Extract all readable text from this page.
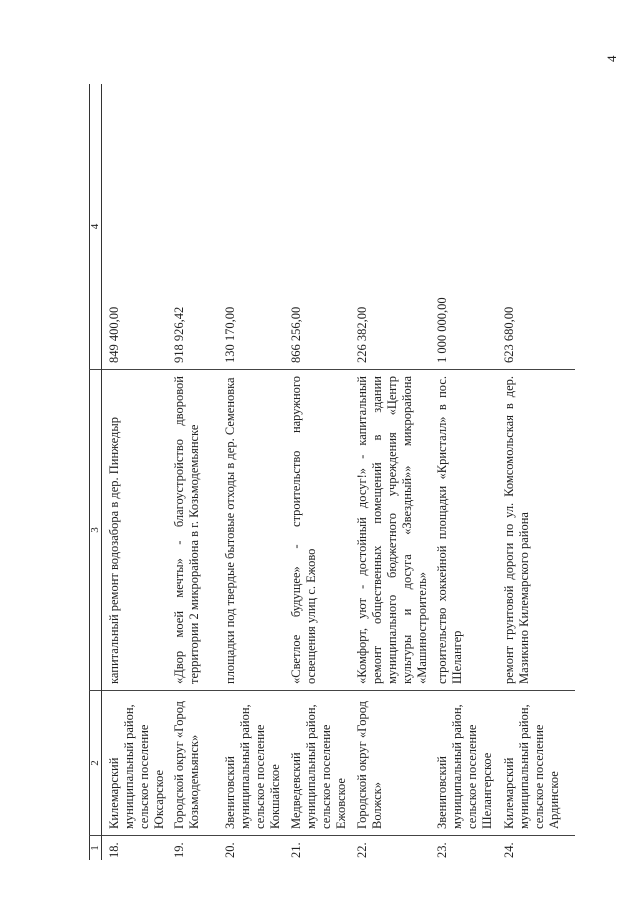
4
1	2	3	4
18.	Килемарский муниципальный район, сельское поселение Юксарское	капитальный ремонт водозабора в дер. Пинжедыр	849 400,00
19.	Городской округ «Город Козьмодемьянск»	«Двор моей мечты» - благоустройство дворовой территории 2 микрорайона в г. Козьмодемьянске	918 926,42
20.	Звениговский муниципальный район, сельское поселение Кокшайское	площадки под твердые бытовые отходы в дер. Семеновка	130 170,00
21.	Медведевский муниципальный район, сельское поселение Ежовское	«Светлое будущее» - строительство наружного освещения улиц с. Ежово	866 256,00
22.	Городской округ «Город Волжск»	«Комфорт, уют - достойный досуг!» - капитальный ремонт общественных помещений в здании муниципального бюджетного учреждения «Центр культуры и досуга «Звездный»» микрорайона «Машиностроитель»	226 382,00
23.	Звениговский муниципальный район, сельское поселение Шелангерское	строительство хоккейной площадки «Кристалл» в пос. Шелангер	1 000 000,00
24.	Килемарский муниципальный район, сельское поселение Ардинское	ремонт грунтовой дороги по ул. Комсомольская в дер. Мазикино Килемарского района	623 680,00
